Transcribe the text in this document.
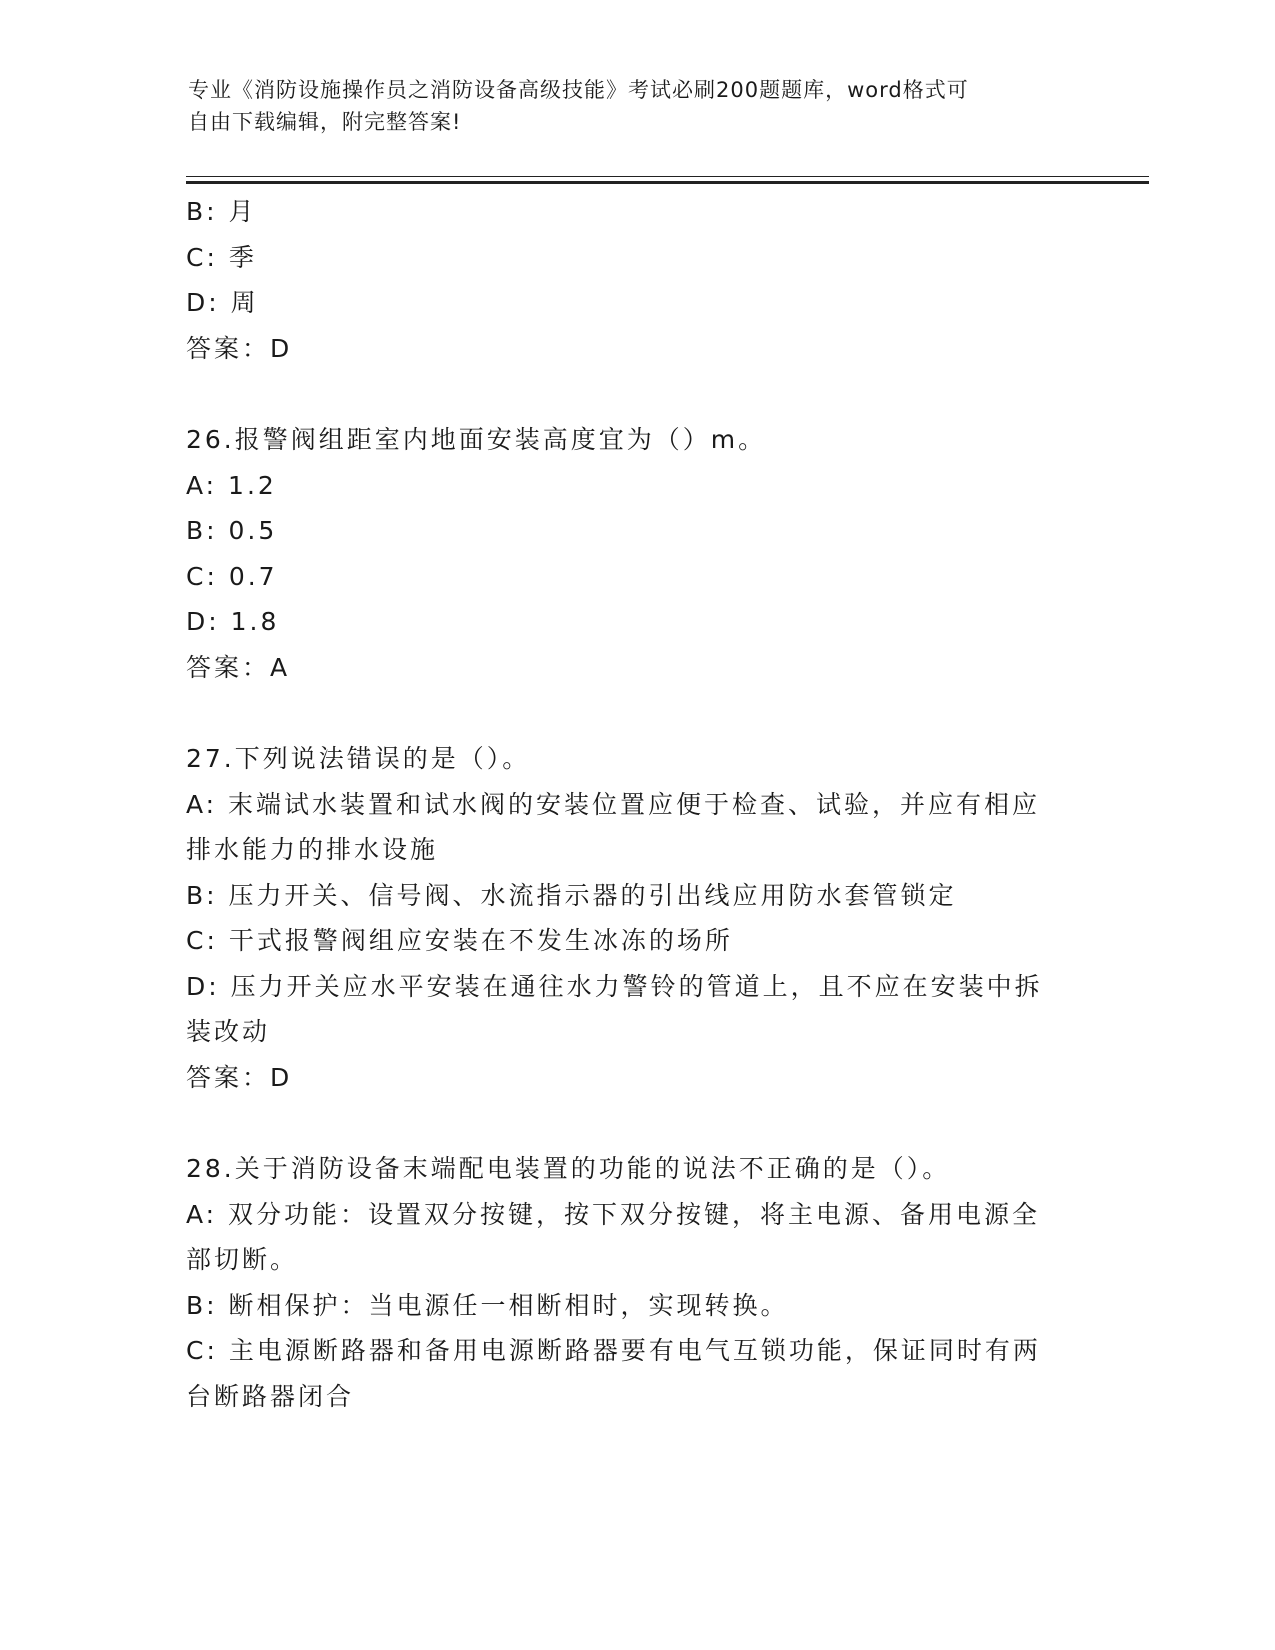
专业《消防设施操作员之消防设备高级技能》考试必刷200题题库，word格式可
自由下载编辑，附完整答案!

B: 月

C: 季

D: 周

答案：D

26.报警阀组距室内地面安装高度宜为（）m。

A: 1.2

B: 0.5

C: 0.7

D: 1.8

答案：A

27.下列说法错误的是（）。

A: 末端试水装置和试水阀的安装位置应便于检查、试验，并应有相应排水能力的排水设施

B: 压力开关、信号阀、水流指示器的引出线应用防水套管锁定

C: 干式报警阀组应安装在不发生冰冻的场所

D: 压力开关应水平安装在通往水力警铃的管道上，且不应在安装中拆装改动

答案：D

28.关于消防设备末端配电装置的功能的说法不正确的是（）。

A: 双分功能：设置双分按键，按下双分按键，将主电源、备用电源全部切断。

B: 断相保护：当电源任一相断相时，实现转换。

C: 主电源断路器和备用电源断路器要有电气互锁功能，保证同时有两台断路器闭合
